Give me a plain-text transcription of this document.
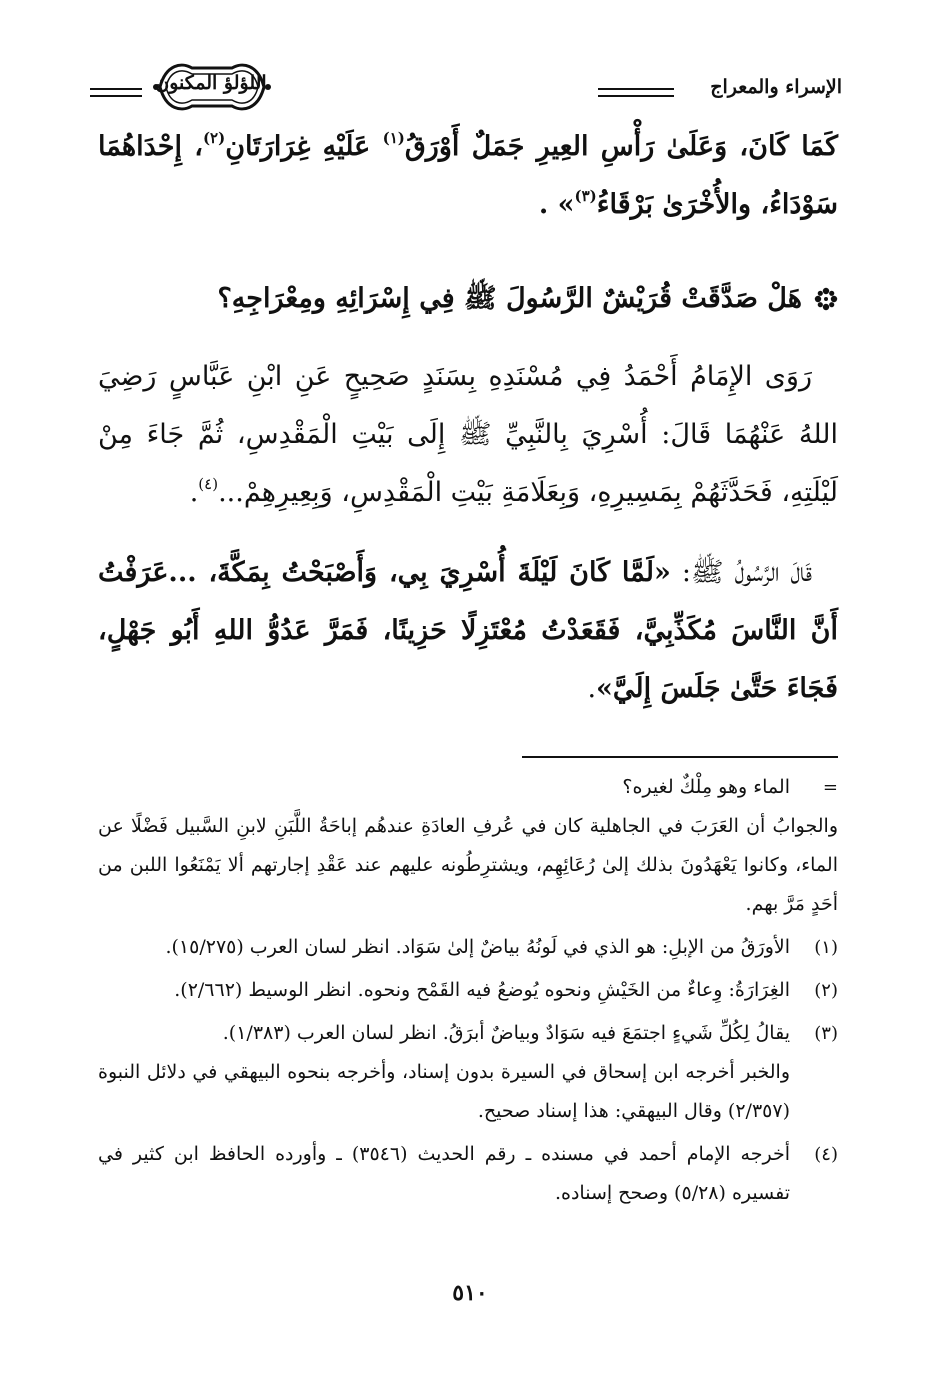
الإسراء والمعراج
اللؤلؤ المكنون

كَمَا كَانَ، وَعَلَىٰ رَأْسِ العِيرِ جَمَلٌ أَوْرَقُ$^{(١)}$ عَلَيْهِ غِرَارَتَانِ$^{(٢)}$، إِحْدَاهُمَا سَوْدَاءُ، والأُخْرَىٰ بَرْقَاءُ$^{(٣)}$» .

هَلْ صَدَّقَتْ قُرَيْشٌ الرَّسُولَ ﷺ فِي إِسْرَائِهِ ومِعْرَاجِهِ؟

رَوَى الإِمَامُ أَحْمَدُ فِي مُسْنَدِهِ بِسَنَدٍ صَحِيحٍ عَنِ ابْنِ عَبَّاسٍ رَضِيَ اللهُ عَنْهُمَا قَالَ: أُسْرِيَ بِالنَّبِيِّ ﷺ إِلَى بَيْتِ الْمَقْدِسِ، ثُمَّ جَاءَ مِنْ لَيْلَتِهِ، فَحَدَّثَهُمْ بِمَسِيرِهِ، وَبِعَلَامَةِ بَيْتِ الْمَقْدِسِ، وَبِعِيرِهِمْ...$^{(٤)}$.

قَالَ الرَّسُولُ ﷺ: «لَمَّا كَانَ لَيْلَةَ أُسْرِيَ بِي، وَأَصْبَحْتُ بِمَكَّةَ، ...عَرَفْتُ أَنَّ النَّاسَ مُكَذِّبِيَّ، فَقَعَدْتُ مُعْتَزِلًا حَزِينًا، فَمَرَّ عَدُوُّ اللهِ أَبُو جَهْلٍ، فَجَاءَ حَتَّىٰ جَلَسَ إِلَيَّ».

=
الماء وهو مِلْكٌ لغيره؟
والجوابُ أن العَرَبَ في الجاهلية كان في عُرفِ العادَةِ عندهُم إباحَةُ اللَّبَنِ لابنِ السَّبيل فَضْلًا عن الماء، وكانوا يَعْهَدُونَ بذلك إلىٰ رُعَائِهِم، ويشترِطُونه عليهم عند عَقْدِ إجارتهم ألا يَمْنَعُوا اللبن من أحَدٍ مَرَّ بهم.
(١)
الأورَقُ من الإبلِ: هو الذي في لَونُهُ بياضٌ إلىٰ سَوَاد. انظر لسان العرب (١٥/٢٧٥).
(٢)
الغِرَارَةُ: وِعاءٌ من الخَيْشِ ونحوه يُوضعُ فيه القَمْح ونحوه. انظر الوسيط (٢/٦٦٢).
(٣)
يقالُ لِكُلِّ شَيءٍ اجتمَعَ فيه سَوَادٌ وبياضٌ أبرَقُ. انظر لسان العرب (١/٣٨٣).
والخبر أخرجه ابن إسحاق في السيرة بدون إسناد، وأخرجه بنحوه البيهقي في دلائل النبوة (٢/٣٥٧) وقال البيهقي: هذا إسناد صحيح.
(٤)
أخرجه الإمام أحمد في مسنده ـ رقم الحديث (٣٥٤٦) ـ وأورده الحافظ ابن كثير في تفسيره (٥/٢٨) وصحح إسناده.
٥١٠
